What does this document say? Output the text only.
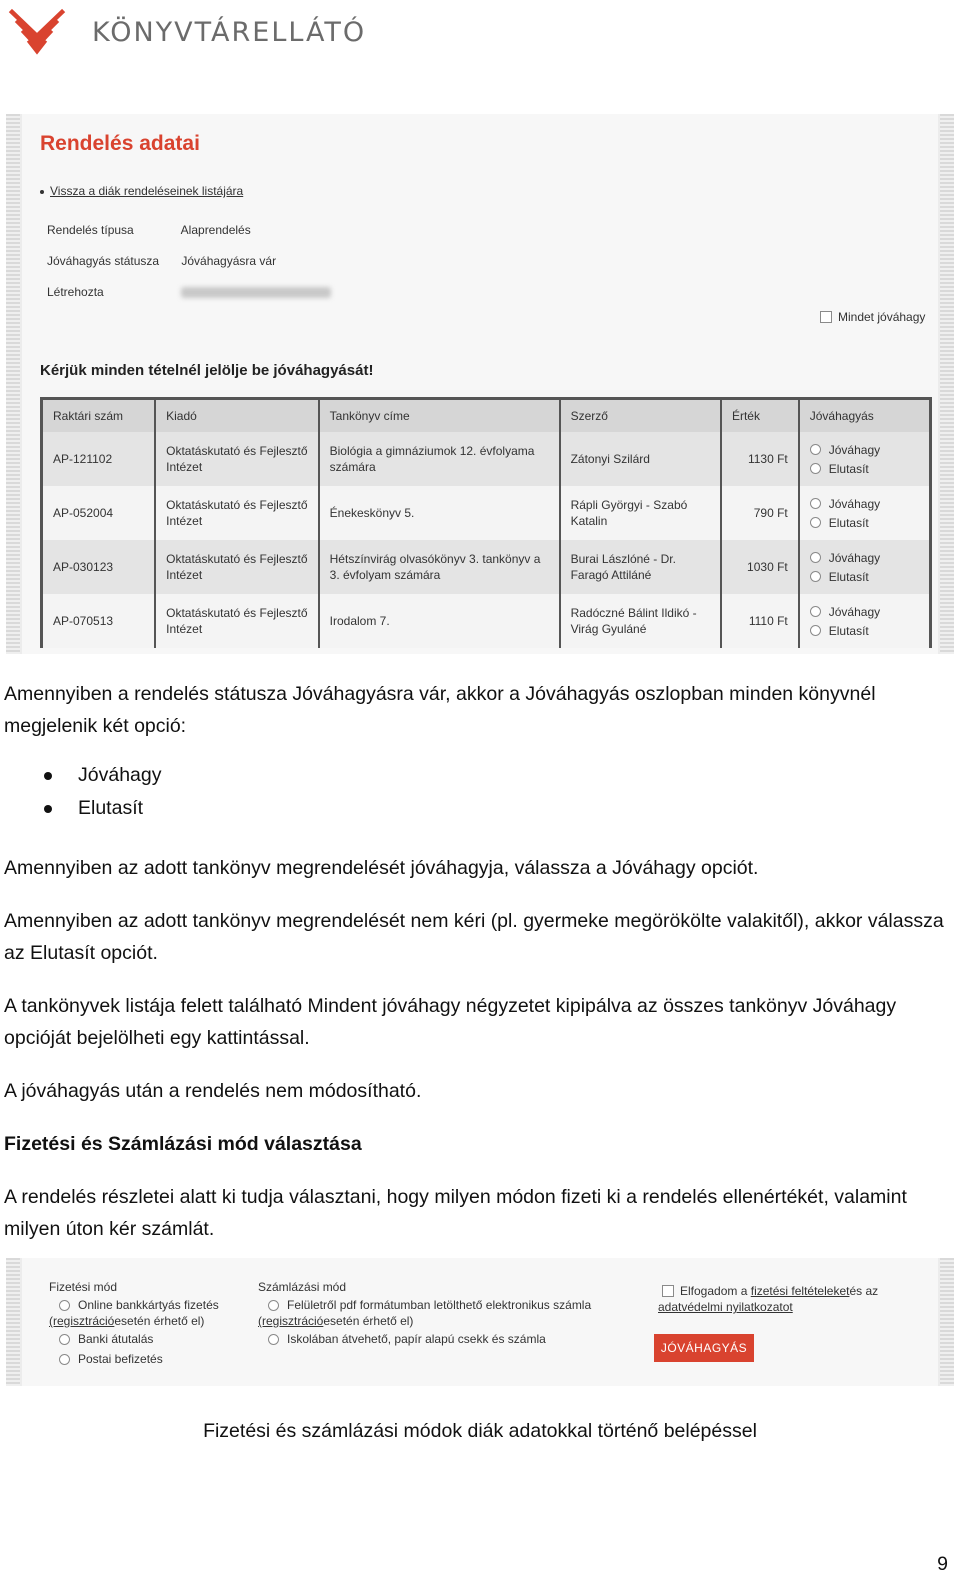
KÖNYVTÁRELLÁTÓ
Rendelés adatai
Vissza a diák rendeléseinek listájára
Rendelés típusa	Alaprendelés
Jóváhagyás státusza Jóváhagyásra vár
Létrehozta
Mindet jóváhagy
Kérjük minden tételnél jelölje be jóváhagyását!
Raktári szám	Kiadó	Tankönyv címe	Szerző	Érték	Jóváhagyás
AP-121102	Oktatáskutató és Fejlesztő Intézet	Biológia a gimnáziumok 12. évfolyama számára	Zátonyi Szilárd	1130 Ft	Jóváhagy
Elutasít

AP-052004	Oktatáskutató és Fejlesztő Intézet	Énekeskönyv 5.	Rápli Györgyi - Szabó Katalin	790 Ft	Jóváhagy
Elutasít

AP-030123	Oktatáskutató és Fejlesztő Intézet	Hétszínvirág olvasókönyv 3. tankönyv a 3. évfolyam számára	Burai Lászlóné - Dr. Faragó Attiláné	1030 Ft	Jóváhagy
Elutasít

AP-070513	Oktatáskutató és Fejlesztő Intézet	Irodalom 7.	Radóczné Bálint Ildikó - Virág Gyuláné	1110 Ft	Jóváhagy
Elutasít

Amennyiben a rendelés státusza Jóváhagyásra vár, akkor a Jóváhagyás oszlopban minden könyvnél megjelenik két opció:

Jóváhagy
Elutasít

Amennyiben az adott tankönyv megrendelését jóváhagyja, válassza a Jóváhagy opciót.

Amennyiben az adott tankönyv megrendelését nem kéri (pl. gyermeke megörökölte valakitől), akkor válassza az Elutasít opciót.

A tankönyvek listája felett található Mindent jóváhagy négyzetet kipipálva az összes tankönyv Jóváhagy opcióját bejelölheti egy kattintással.

A jóváhagyás után a rendelés nem módosítható.

Fizetési és Számlázási mód választása

A rendelés részletei alatt ki tudja választani, hogy milyen módon fizeti ki a rendelés ellenértékét, valamint milyen úton kér számlát.

Fizetési mód
Online bankkártyás fizetés
(regisztráció esetén érhető el)
Banki átutalás
Postai befizetés
Számlázási mód
Felületről pdf formátumban letölthető elektronikus számla
(regisztráció esetén érhető el)
Iskolában átvehető, papír alapú csekk és számla
Elfogadom a
fizetési feltételeket és az
adatvédelmi nyilatkozatot
JÓVÁHAGYÁS
Fizetési és számlázási módok diák adatokkal történő belépéssel
9
